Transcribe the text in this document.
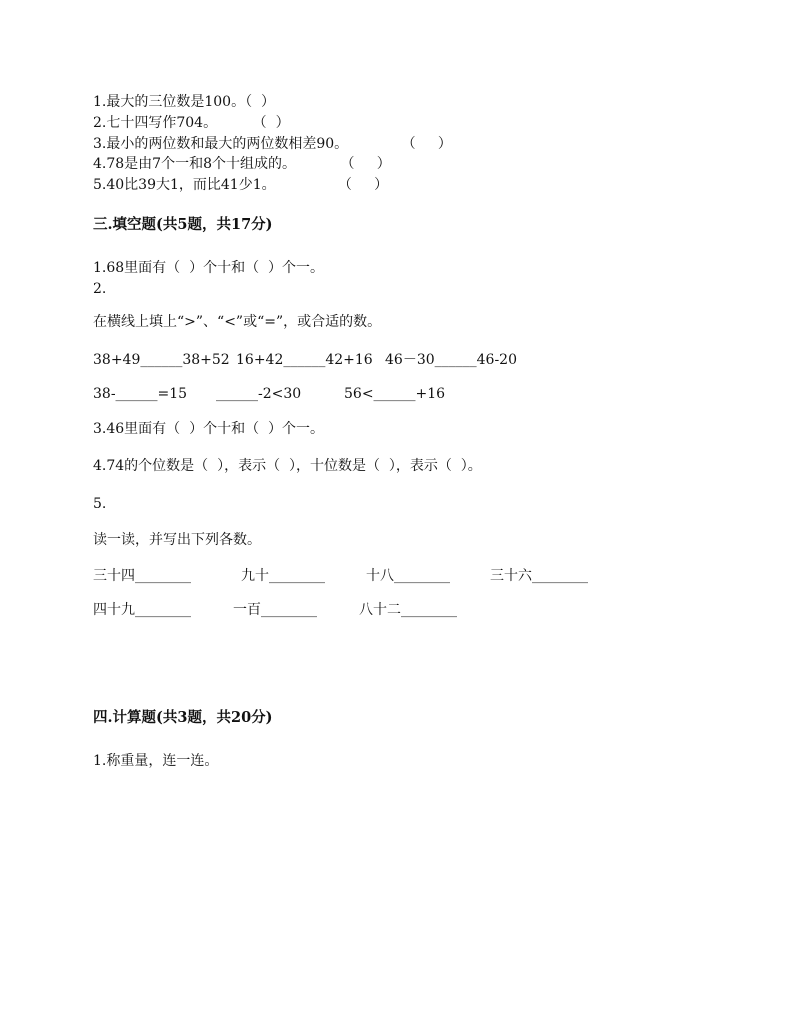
1.最大的三位数是100。（  ）
2.七十四写作704。        （  ）
3.最小的两位数和最大的两位数相差90。            （     ）
4.78是由7个一和8个十组成的。          （     ）
5.40比39大1，而比41少1。              （     ）
三.填空题(共5题，共17分)
1.68里面有（  ）个十和（  ）个一。
2.
在横线上填上“>”、“<”或“=”，或合适的数。
38+49______38+52 16+42______42+16 46－30______46-20
38-______=15 ______-2<30	56<______+16
3.46里面有（  ）个十和（  ）个一。
4.74的个位数是（  ），表示（  ），十位数是（  ），表示（  ）。
5.
读一读，并写出下列各数。
三十四________	九十________	十八________	三十六________
四十九________	一百________	八十二________
四.计算题(共3题，共20分)
1.称重量，连一连。
